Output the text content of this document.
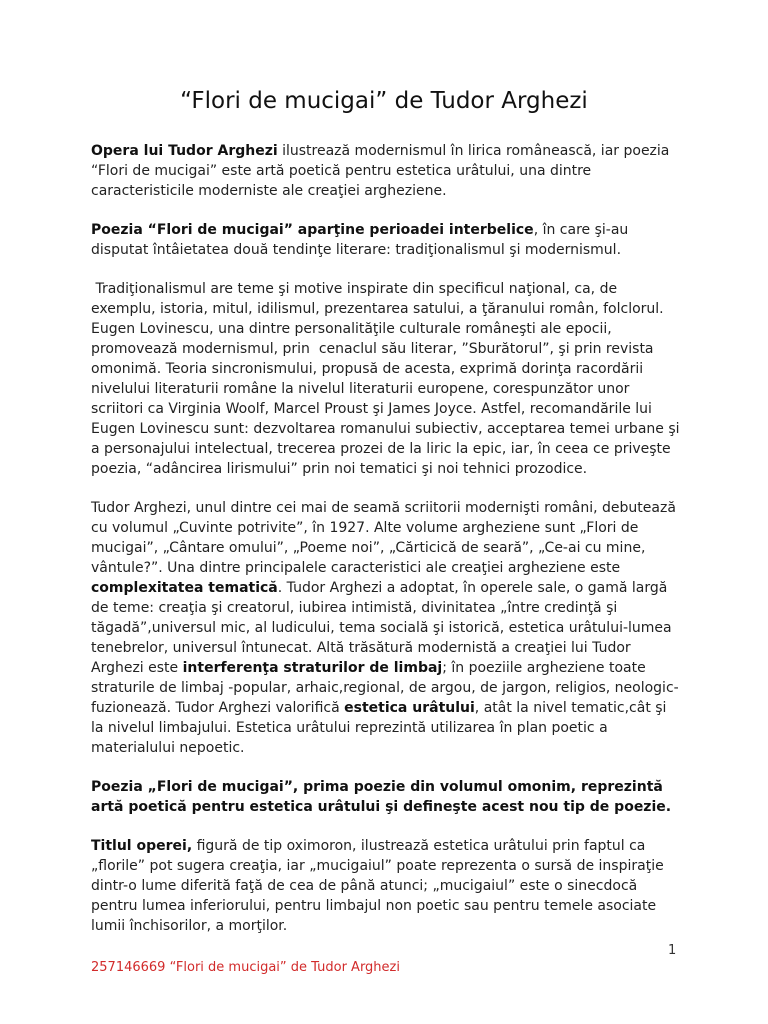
“Flori de mucigai” de Tudor Arghezi

Opera lui Tudor Arghezi ilustrează modernismul în lirica românească, iar poezia “Flori de mucigai” este artă poetică pentru estetica urâtului, una dintre caracteristicile moderniste ale creaţiei argheziene.

Poezia “Flori de mucigai” aparţine perioadei interbelice, în care şi-au disputat întâietatea două tendinţe literare: tradiţionalismul şi modernismul.

Tradiţionalismul are teme şi motive inspirate din specificul naţional, ca, de exemplu, istoria, mitul, idilismul, prezentarea satului, a ţăranului român, folclorul. Eugen Lovinescu, una dintre personalităţile culturale româneşti ale epocii, promovează modernismul, prin  cenaclul său literar, ”Sburătorul”, şi prin revista omonimă. Teoria sincronismului, propusă de acesta, exprimă dorinţa racordării nivelului literaturii române la nivelul literaturii europene, corespunzător unor scriitori ca Virginia Woolf, Marcel Proust şi James Joyce. Astfel, recomandările lui Eugen Lovinescu sunt: dezvoltarea romanului subiectiv, acceptarea temei urbane şi a personajului intelectual, trecerea prozei de la liric la epic, iar, în ceea ce priveşte poezia, “adâncirea lirismului” prin noi tematici şi noi tehnici prozodice.

Tudor Arghezi, unul dintre cei mai de seamă scriitorii modernişti români, debutează cu volumul „Cuvinte potrivite”, în 1927. Alte volume argheziene sunt „Flori de mucigai”, „Cântare omului”, „Poeme noi”, „Cărticică de seară”, „Ce-ai cu mine, vântule?”. Una dintre principalele caracteristici ale creaţiei argheziene este complexitatea tematică. Tudor Arghezi a adoptat, în operele sale, o gamă largă de teme: creaţia şi creatorul, iubirea intimistă, divinitatea „între credinţă şi tăgadă”,universul mic, al ludicului, tema socială şi istorică, estetica urâtului-lumea tenebrelor, universul întunecat. Altă trăsătură modernistă a creaţiei lui Tudor Arghezi este interferenţa straturilor de limbaj; în poeziile argheziene toate straturile de limbaj -popular, arhaic,regional, de argou, de jargon, religios, neologic- fuzionează. Tudor Arghezi valorifică estetica urâtului, atât la nivel tematic,cât şi la nivelul limbajului. Estetica urâtului reprezintă utilizarea în plan poetic a materialului nepoetic.

Poezia „Flori de mucigai”, prima poezie din volumul omonim, reprezintă artă poetică pentru estetica urâtului şi defineşte acest nou tip de poezie.

Titlul operei, figură de tip oximoron, ilustrează estetica urâtului prin faptul ca „florile” pot sugera creaţia, iar „mucigaiul” poate reprezenta o sursă de inspiraţie dintr-o lume diferită faţă de cea de până atunci; „mucigaiul” este o sinecdocă pentru lumea inferiorului, pentru limbajul non poetic sau pentru temele asociate lumii închisorilor, a morţilor.

1
257146669 “Flori de mucigai” de Tudor Arghezi
